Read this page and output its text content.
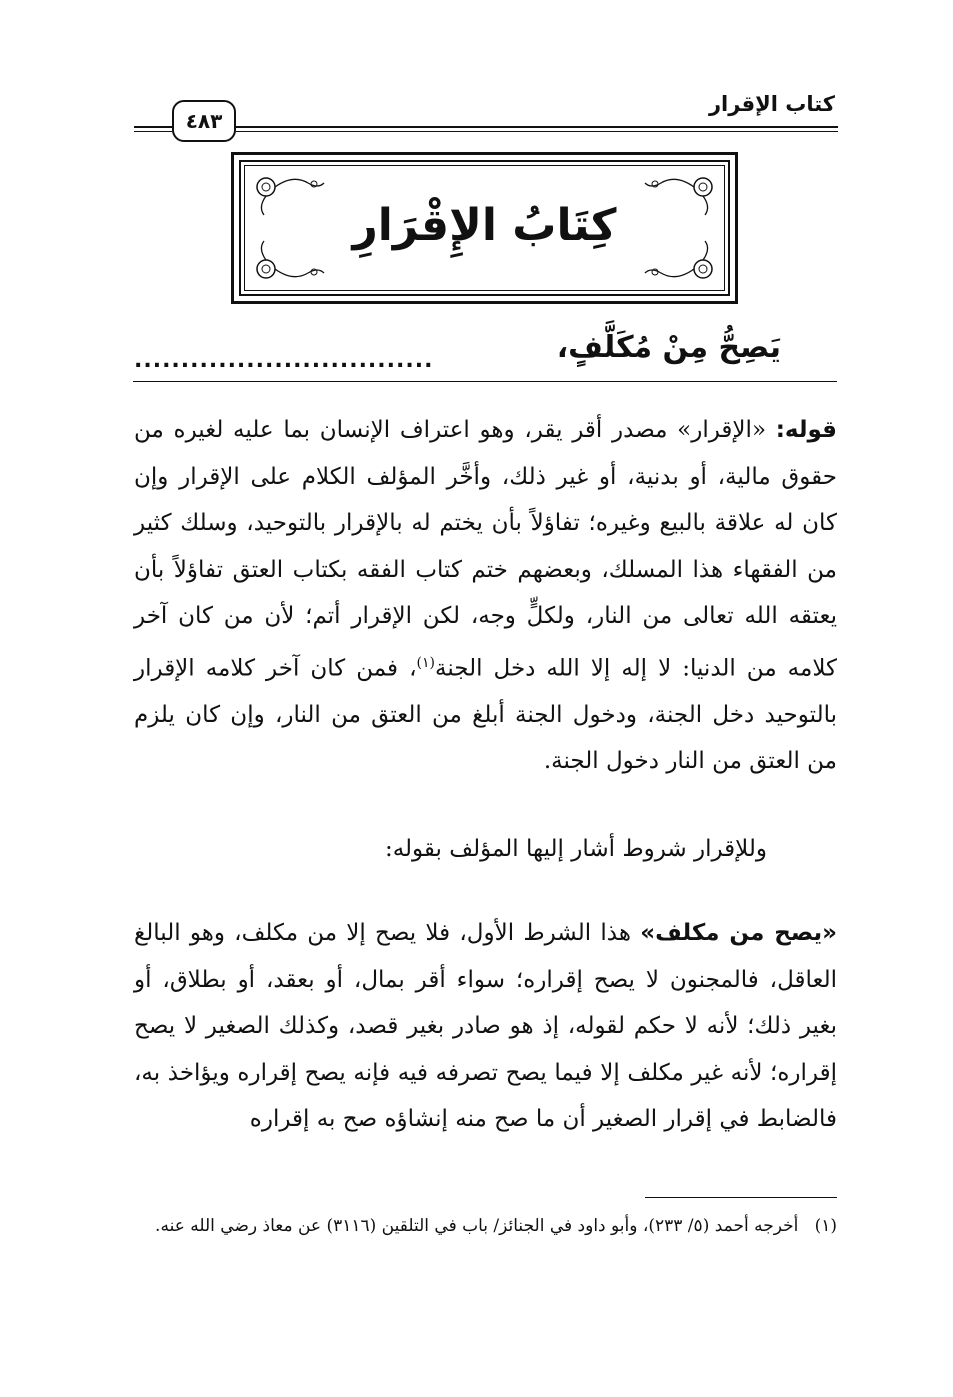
كتاب الإقرار
٤٨٣
كِتَابُ الإِقْرَارِ
يَصِحُّ مِنْ مُكَلَّفٍ،
................................
قوله: «الإقرار» مصدر أقر يقر، وهو اعتراف الإنسان بما عليه لغيره من حقوق مالية، أو بدنية، أو غير ذلك، وأخَّر المؤلف الكلام على الإقرار وإن كان له علاقة بالبيع وغيره؛ تفاؤلاً بأن يختم له بالإقرار بالتوحيد، وسلك كثير من الفقهاء هذا المسلك، وبعضهم ختم كتاب الفقه بكتاب العتق تفاؤلاً بأن يعتقه الله تعالى من النار، ولكلٍّ وجه، لكن الإقرار أتم؛ لأن من كان آخر كلامه من الدنيا: لا إله إلا الله دخل الجنة$^{(١)}$، فمن كان آخر كلامه الإقرار بالتوحيد دخل الجنة، ودخول الجنة أبلغ من العتق من النار، وإن كان يلزم من العتق من النار دخول الجنة.
وللإقرار شروط أشار إليها المؤلف بقوله:
«يصح من مكلف» هذا الشرط الأول، فلا يصح إلا من مكلف، وهو البالغ العاقل، فالمجنون لا يصح إقراره؛ سواء أقر بمال، أو بعقد، أو بطلاق، أو بغير ذلك؛ لأنه لا حكم لقوله، إذ هو صادر بغير قصد، وكذلك الصغير لا يصح إقراره؛ لأنه غير مكلف إلا فيما يصح تصرفه فيه فإنه يصح إقراره ويؤاخذ به، فالضابط في إقرار الصغير أن ما صح منه إنشاؤه صح به إقراره
(١)   أخرجه أحمد (٥/ ٢٣٣)، وأبو داود في الجنائز/ باب في التلقين (٣١١٦) عن معاذ رضي الله عنه.
